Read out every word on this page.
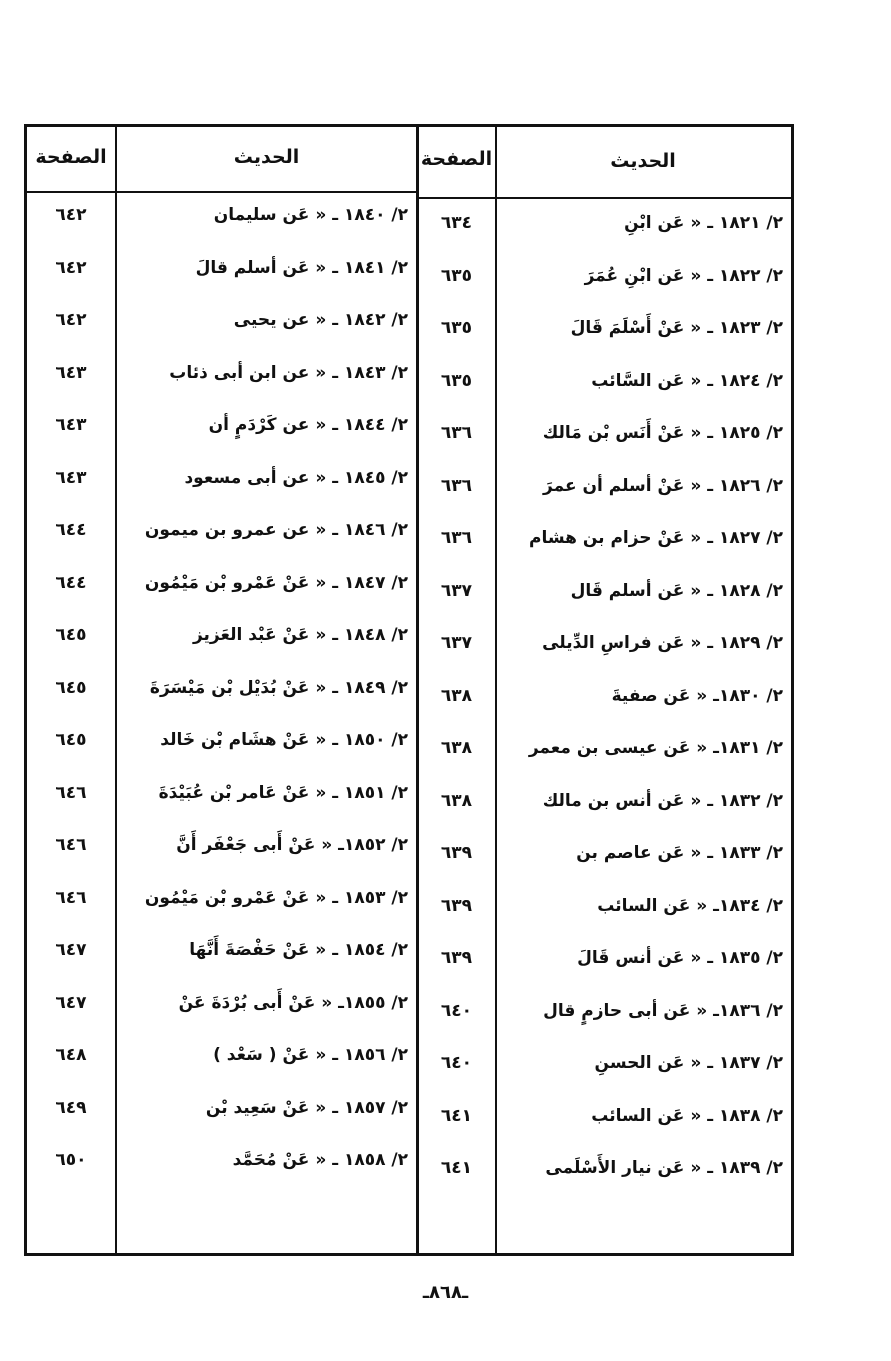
الحديث
الصفحة
الحديث
الصفحة
٢/ ١٨٢١ ـ « عَن ابْنِ
٢/ ١٨٢٢ ـ « عَن ابْنِ عُمَرَ
٢/ ١٨٢٣ ـ « عَنْ أَسْلَمَ قَالَ
٢/ ١٨٢٤ ـ « عَن السَّائب
٢/ ١٨٢٥ ـ « عَنْ أَنَس بْن مَالك
٢/ ١٨٢٦ ـ « عَنْ أسلم أن عمرَ
٢/ ١٨٢٧ ـ « عَنْ حزام بن هشام
٢/ ١٨٢٨ ـ « عَن أسلم قَال
٢/ ١٨٢٩ ـ « عَن فراسِ الدِّيلى
٢/ ١٨٣٠ـ « عَن صفيةَ
٢/ ١٨٣١ـ « عَن عيسى بن معمر
٢/ ١٨٣٢ ـ « عَن أنس بن مالك
٢/ ١٨٣٣ ـ « عَن عاصم بن
٢/ ١٨٣٤ـ « عَن السائب
٢/ ١٨٣٥ ـ « عَن أنس قَالَ
٢/ ١٨٣٦ـ « عَن أبى حازمٍ قال
٢/ ١٨٣٧ ـ « عَن الحسنِ
٢/ ١٨٣٨ ـ « عَن السائب
٢/ ١٨٣٩ ـ « عَن نيار الأَسْلَمى
٦٣٤
٦٣٥
٦٣٥
٦٣٥
٦٣٦
٦٣٦
٦٣٦
٦٣٧
٦٣٧
٦٣٨
٦٣٨
٦٣٨
٦٣٩
٦٣٩
٦٣٩
٦٤٠
٦٤٠
٦٤١
٦٤١
٢/ ١٨٤٠ ـ « عَن سليمان
٢/ ١٨٤١ ـ « عَن أسلم قالَ
٢/ ١٨٤٢ ـ « عن يحيى
٢/ ١٨٤٣ ـ « عن ابن أبى ذئاب
٢/ ١٨٤٤ ـ « عن كَرْدَمٍ أن
٢/ ١٨٤٥ ـ « عن أبى مسعود
٢/ ١٨٤٦ ـ « عن عمرو بن ميمون
٢/ ١٨٤٧ ـ « عَنْ عَمْرو بْن مَيْمُون
٢/ ١٨٤٨ ـ « عَنْ عَبْد العَزيز
٢/ ١٨٤٩ ـ « عَنْ بُدَيْل بْن مَيْسَرَةَ
٢/ ١٨٥٠ ـ « عَنْ هشَام بْن خَالد
٢/ ١٨٥١ ـ « عَنْ عَامر بْن عُبَيْدَةَ
٢/ ١٨٥٢ـ « عَنْ أَبى جَعْفَر أَنَّ
٢/ ١٨٥٣ ـ « عَنْ عَمْرو بْن مَيْمُون
٢/ ١٨٥٤ ـ « عَنْ حَفْصَةَ أَنَّهَا
٢/ ١٨٥٥ـ « عَنْ أَبى بُرْدَةَ عَنْ
٢/ ١٨٥٦ ـ « عَنْ ( سَعْد )
٢/ ١٨٥٧ ـ « عَنْ سَعِيد بْن
٢/ ١٨٥٨ ـ « عَنْ مُحَمَّد
٦٤٢
٦٤٢
٦٤٢
٦٤٣
٦٤٣
٦٤٣
٦٤٤
٦٤٤
٦٤٥
٦٤٥
٦٤٥
٦٤٦
٦٤٦
٦٤٦
٦٤٧
٦٤٧
٦٤٨
٦٤٩
٦٥٠
ـ٨٦٨ـ
